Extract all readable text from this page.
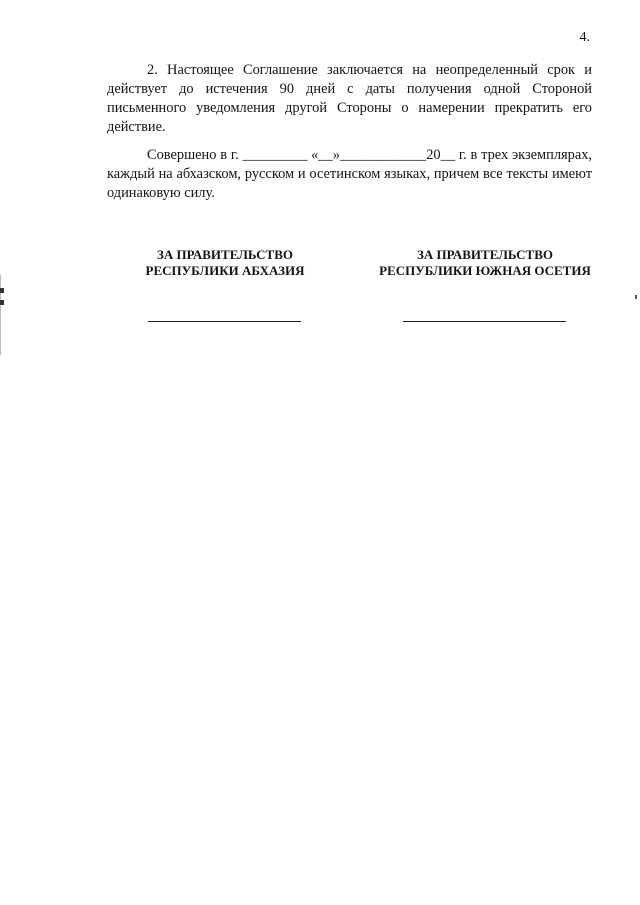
4.

2. Настоящее Соглашение заключается на неопределенный срок и действует до истечения 90 дней с даты получения одной Стороной письменного уведомления другой Стороны о намерении прекратить его действие.

Совершено в г. _________ «__»____________20__ г. в трех экземплярах, каждый на абхазском, русском и осетинском языках, причем все тексты имеют одинаковую силу.

ЗА ПРАВИТЕЛЬСТВО
РЕСПУБЛИКИ АБХАЗИЯ
ЗА ПРАВИТЕЛЬСТВО
РЕСПУБЛИКИ ЮЖНАЯ ОСЕТИЯ
